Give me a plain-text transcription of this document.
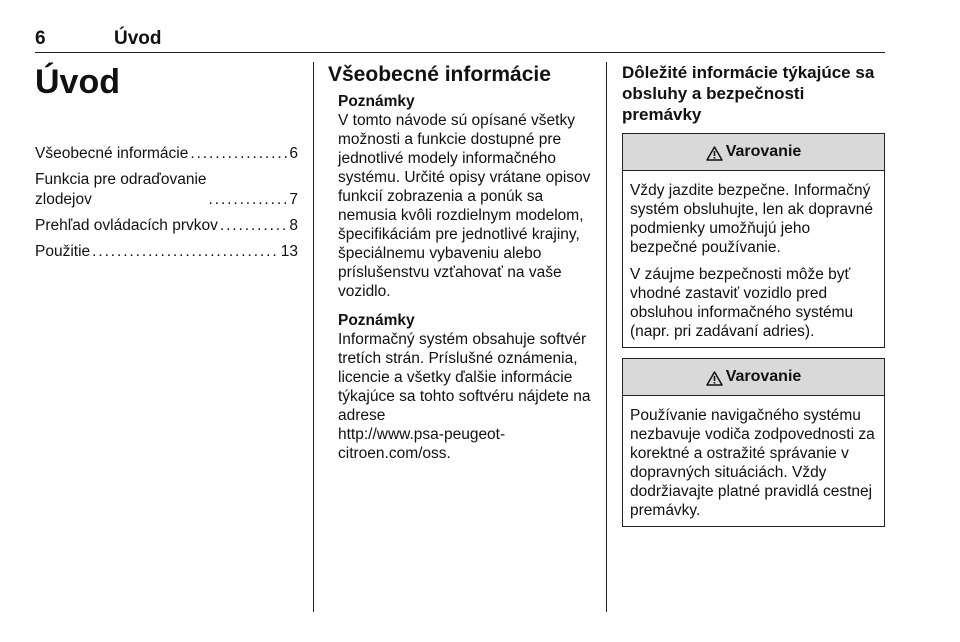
6	Úvod
Úvod
Všeobecné informácie . . .	6
Funkcia pre odraďovanie
zlodejov . . .	7
Prehľad ovládacích prvkov . . .	8
Použitie . . .	13
Všeobecné informácie
Poznámky

V tomto návode sú opísané všetky možnosti a funkcie dostupné pre jednotlivé modely informačného systému. Určité opisy vrátane opisov funkcií zobrazenia a ponúk sa nemusia kvôli rozdielnym modelom, špecifikáciám pre jednotlivé krajiny, špeciálnemu vybaveniu alebo príslušenstvu vzťahovať na vaše vozidlo.

Poznámky
Informačný systém obsahuje softvér tretích strán. Príslušné oznámenia, licencie a všetky ďalšie informácie týkajúce sa tohto softvéru nájdete na adrese
http://www.psa-peugeot-
citroen.com/oss.
Dôležité informácie týkajúce sa obsluhy a bezpečnosti premávky
Varovanie

Vždy jazdite bezpečne. Informačný systém obsluhujte, len ak dopravné podmienky umožňujú jeho bezpečné používanie.

V záujme bezpečnosti môže byť vhodné zastaviť vozidlo pred obsluhou informačného systému (napr. pri zadávaní adries).

Varovanie

Používanie navigačného systému nezbavuje vodiča zodpovednosti za korektné a ostražité správanie v dopravných situáciách. Vždy dodržiavajte platné pravidlá cestnej premávky.
